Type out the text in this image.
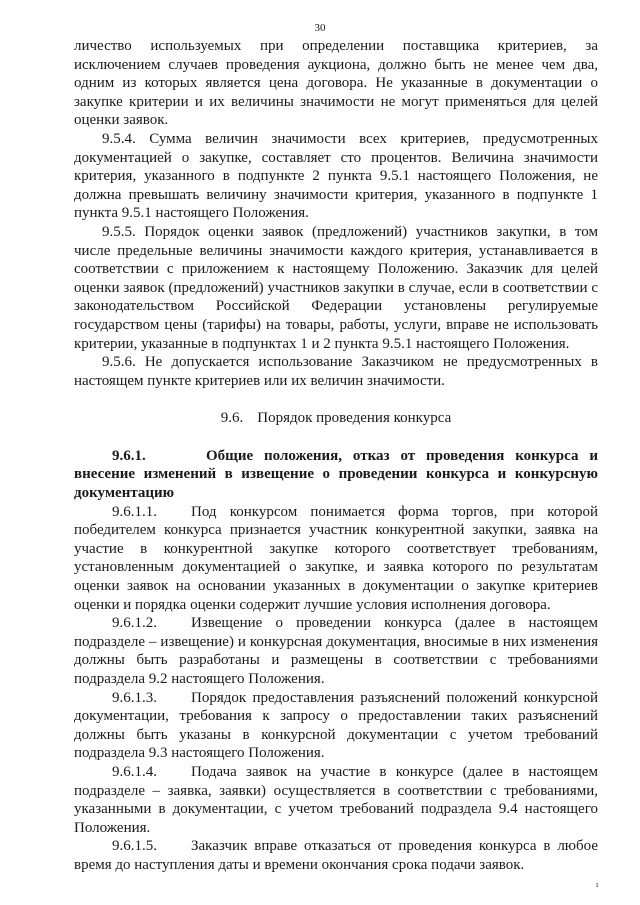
30

личество используемых при определении поставщика критериев, за исключением случаев проведения аукциона, должно быть не менее чем два, одним из которых является цена договора. Не указанные в документации о закупке критерии и их величины значимости не могут применяться для целей оценки заявок.

9.5.4. Сумма величин значимости всех критериев, предусмотренных документацией о закупке, составляет сто процентов. Величина значимости критерия, указанного в подпункте 2 пункта 9.5.1 настоящего Положения, не должна превышать величину значимости критерия, указанного в подпункте 1 пункта 9.5.1 настоящего Положения.

9.5.5. Порядок оценки заявок (предложений) участников закупки, в том числе предельные величины значимости каждого критерия, устанавливается в соответствии с приложением к настоящему Положению. Заказчик для целей оценки заявок (предложений) участников закупки в случае, если в соответствии с законодательством Российской Федерации установлены регулируемые государством цены (тарифы) на товары, работы, услуги, вправе не использовать критерии, указанные в подпунктах 1 и 2 пункта 9.5.1 настоящего Положения.

9.5.6. Не допускается использование Заказчиком не предусмотренных в настоящем пункте критериев или их величин значимости.

9.6. Порядок проведения конкурса

9.6.1.	Общие положения, отказ от проведения конкурса и внесение изменений в извещение о проведении конкурса и конкурсную документацию

9.6.1.1. Под конкурсом понимается форма торгов, при которой победителем конкурса признается участник конкурентной закупки, заявка на участие в конкурентной закупке которого соответствует требованиям, установленным документацией о закупке, и заявка которого по результатам оценки заявок на основании указанных в документации о закупке критериев оценки и порядка оценки содержит лучшие условия исполнения договора.

9.6.1.2. Извещение о проведении конкурса (далее в настоящем подразделе – извещение) и конкурсная документация, вносимые в них изменения должны быть разработаны и размещены в соответствии с требованиями подраздела 9.2 настоящего Положения.

9.6.1.3. Порядок предоставления разъяснений положений конкурсной документации, требования к запросу о предоставлении таких разъяснений должны быть указаны в конкурсной документации с учетом требований подраздела 9.3 настоящего Положения.

9.6.1.4. Подача заявок на участие в конкурсе (далее в настоящем подразделе – заявка, заявки) осуществляется в соответствии с требованиями, указанными в документации, с учетом требований подраздела 9.4 настоящего Положения.

9.6.1.5. Заказчик вправе отказаться от проведения конкурса в любое время до наступления даты и времени окончания срока подачи заявок.

ı
